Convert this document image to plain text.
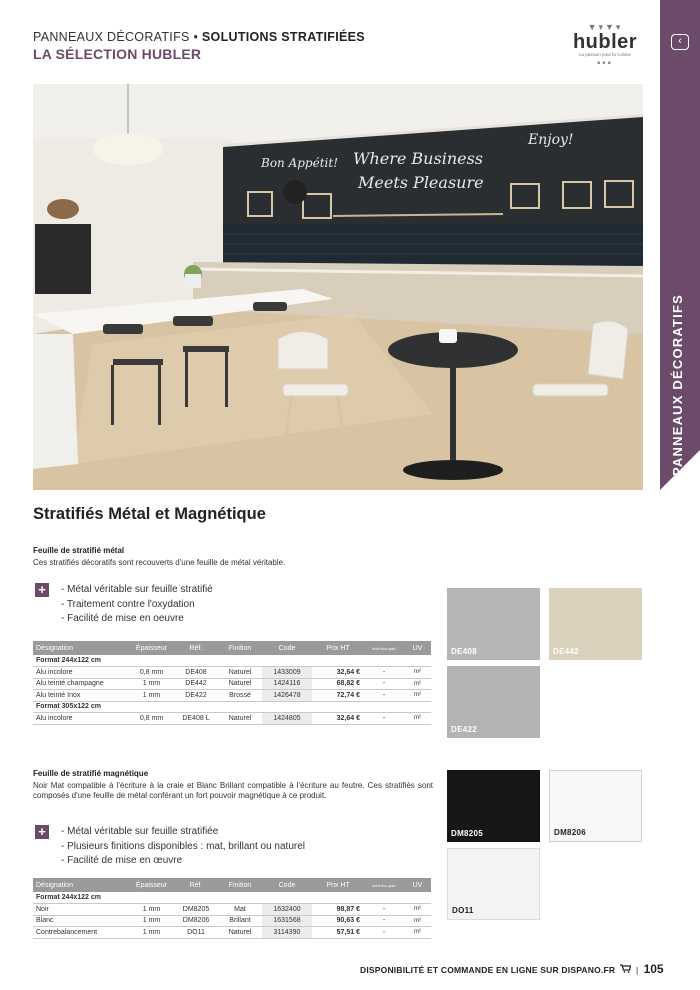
PANNEAUX DÉCORATIFS • SOLUTIONS STRATIFIÉES
LA SÉLECTION HUBLER
▼▾▼▾
hubler
La passion pour la cuisine
•••
‹
PANNEAUX DÉCORATIFS
Bon Appétit! Where Business
Meets Pleasure
Enjoy!
Stratifiés Métal et Magnétique
Feuille de stratifié métal
Ces stratifiés décoratifs sont recouverts d'une feuille de métal véritable.
+	- Métal véritable sur feuille stratifié
- Traitement contre l'oxydation
- Facilité de mise en oeuvre
Désignation	Épaisseur	Réf.	Finition	Code	Prix HT	dont éco-part	UV
Format 244x122 cm							
Alu incolore	0,8 mm	DE408	Naturel	1433009	32,64 €	-	m²
Alu teinté champagne	1 mm	DE442	Naturel	1424116	68,82 €	-	m²
Alu teinté Inox	1 mm	DE422	Brossé	1426478	72,74 €	-	m²
Format 305x122 cm							
Alu incolore	0,8 mm	DE408 L	Naturel	1424805	32,64 €	-	m²
Feuille de stratifié magnétique
Noir Mat compatible à l'écriture à la craie et Blanc Brillant compatible à l'écriture au feutre. Ces stratifiés sont composés d'une feuille de métal conférant un fort pouvoir magnétique à ce produit.
+	- Métal véritable sur feuille stratifiée
- Plusieurs finitions disponibles : mat, brillant ou naturel
- Facilité de mise en œuvre
Désignation	Épaisseur	Réf.	Finition	Code	Prix HT	dont éco-part	UV
Format 244x122 cm							
Noir	1 mm	DM8205	Mat	1632400	98,87 €	-	m²
Blanc	1 mm	DM8206	Brillant	1631568	90,63 €	-	m²
Contrebalancement	1 mm	DO11	Naturel	3114390	57,51 €	-	m²
DE408	DE442
DE422
DM8205	DM8206
DO11
DISPONIBILITÉ ET COMMANDE EN LIGNE SUR DISPANO.FR | 105
